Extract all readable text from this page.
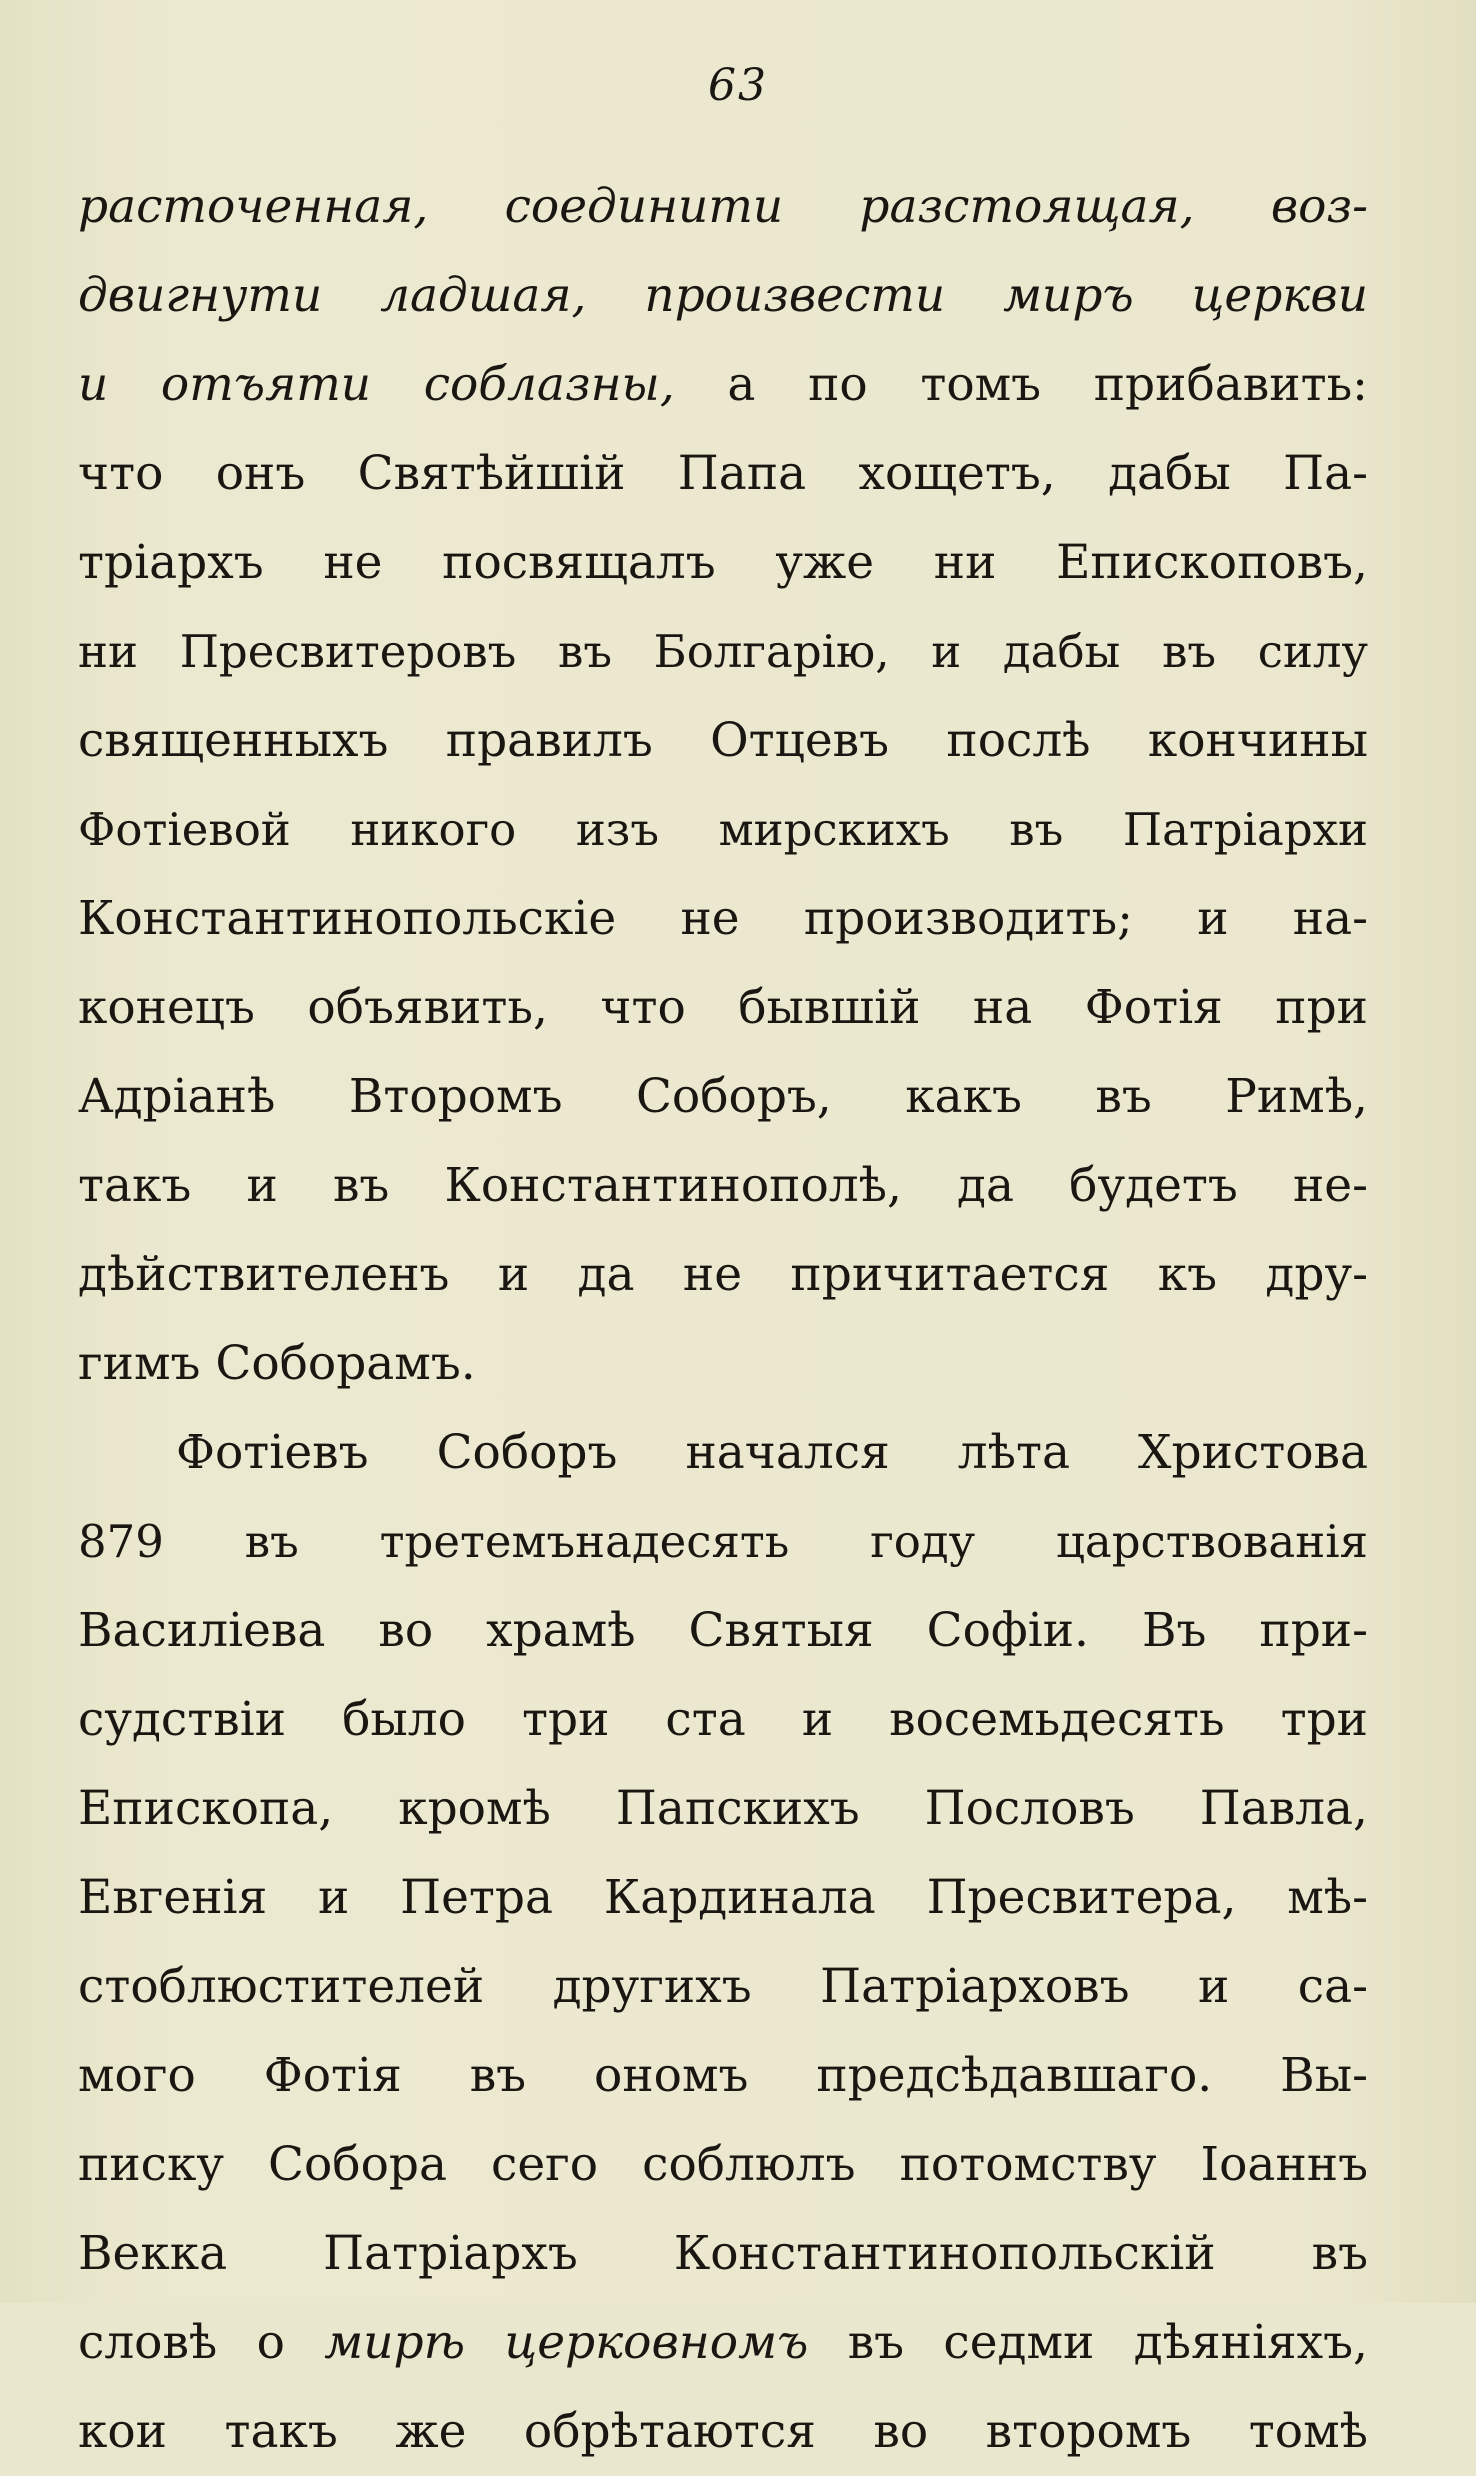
63
расточенная, соединити разстоящая, воз-
двигнути ладшая, произвести миръ церкви
и отъяти соблазны, а по томъ прибавить:
что онъ Святѣйшій Папа хощетъ, дабы Па-
тріархъ не посвящалъ уже ни Епископовъ,
ни Пресвитеровъ въ Болгарію, и дабы въ силу
священныхъ правилъ Отцевъ послѣ кончины
Фотіевой никого изъ мирскихъ въ Патріархи
Константинопольскіе не производить; и на-
конецъ объявить, что бывшій на Фотія при
Адріанѣ Второмъ Соборъ, какъ въ Римѣ,
такъ и въ Константинополѣ, да будетъ не-
дѣйствителенъ и да не причитается къ дру-
гимъ Соборамъ.
Фотіевъ Соборъ начался лѣта Христова
879 въ третемънадесять году царствованія
Василіева во храмѣ Святыя Софіи. Въ при-
судствіи было три ста и восемьдесять три
Епископа, кромѣ Папскихъ Пословъ Павла,
Евгенія и Петра Кардинала Пресвитера, мѣ-
стоблюстителей другихъ Патріарховъ и са-
мого Фотія въ ономъ предсѣдавшаго. Вы-
писку Собора сего соблюлъ потомству Іоаннъ
Векка Патріархъ Константинопольскій въ
словѣ о мирѣ церковномъ въ седми дѣяніяхъ,
кои такъ же обрѣтаются во второмъ томѣ
